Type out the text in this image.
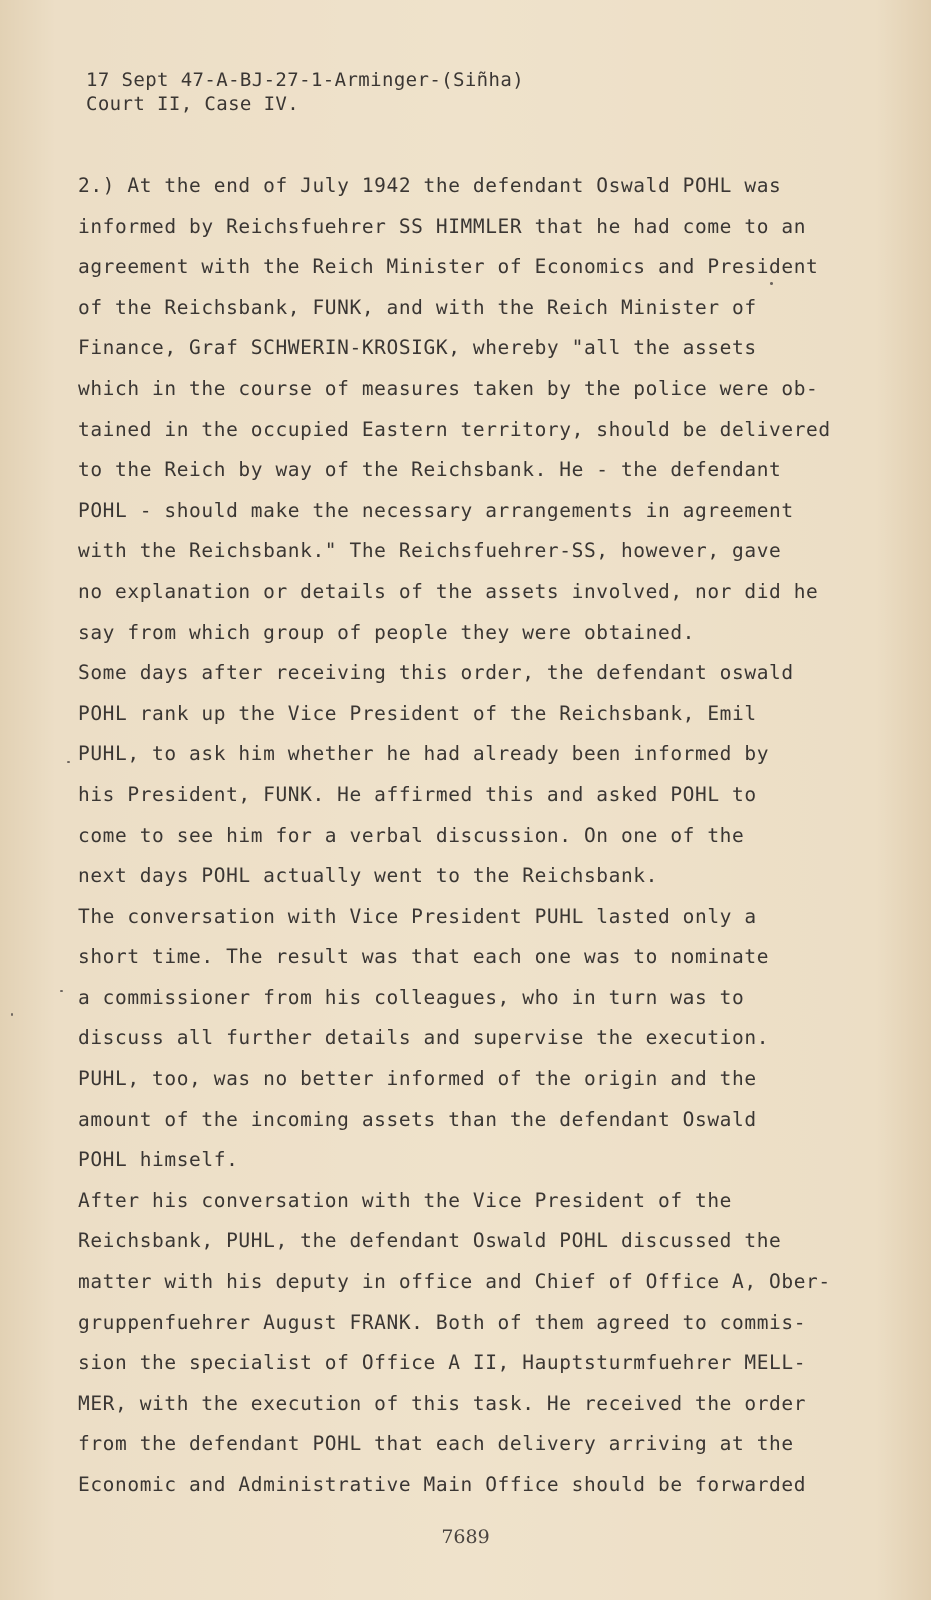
17 Sept 47-A-BJ-27-1-Arminger-(Siñha)
Court II, Case IV.
2.) At the end of July 1942 the defendant Oswald POHL was
informed by Reichsfuehrer SS HIMMLER that he had come to an
agreement with the Reich Minister of Economics and President
of the Reichsbank, FUNK, and with the Reich Minister of
Finance, Graf SCHWERIN-KROSIGK, whereby "all the assets
which in the course of measures taken by the police were ob-
tained in the occupied Eastern territory, should be delivered
to the Reich by way of the Reichsbank. He - the defendant
POHL - should make the necessary arrangements in agreement
with the Reichsbank." The Reichsfuehrer-SS, however, gave
no explanation or details of the assets involved, nor did he
say from which group of people they were obtained.
Some days after receiving this order, the defendant oswald
POHL rank up the Vice President of the Reichsbank, Emil
PUHL, to ask him whether he had already been informed by
his President, FUNK. He affirmed this and asked POHL to
come to see him for a verbal discussion. On one of the
next days POHL actually went to the Reichsbank.
The conversation with Vice President PUHL lasted only a
short time. The result was that each one was to nominate
a commissioner from his colleagues, who in turn was to
discuss all further details and supervise the execution.
PUHL, too, was no better informed of the origin and the
amount of the incoming assets than the defendant Oswald
POHL himself.
After his conversation with the Vice President of the
Reichsbank, PUHL, the defendant Oswald POHL discussed the
matter with his deputy in office and Chief of Office A, Ober-
gruppenfuehrer August FRANK. Both of them agreed to commis-
sion the specialist of Office A II, Hauptsturmfuehrer MELL-
MER, with the execution of this task. He received the order
from the defendant POHL that each delivery arriving at the
Economic and Administrative Main Office should be forwarded
7689
